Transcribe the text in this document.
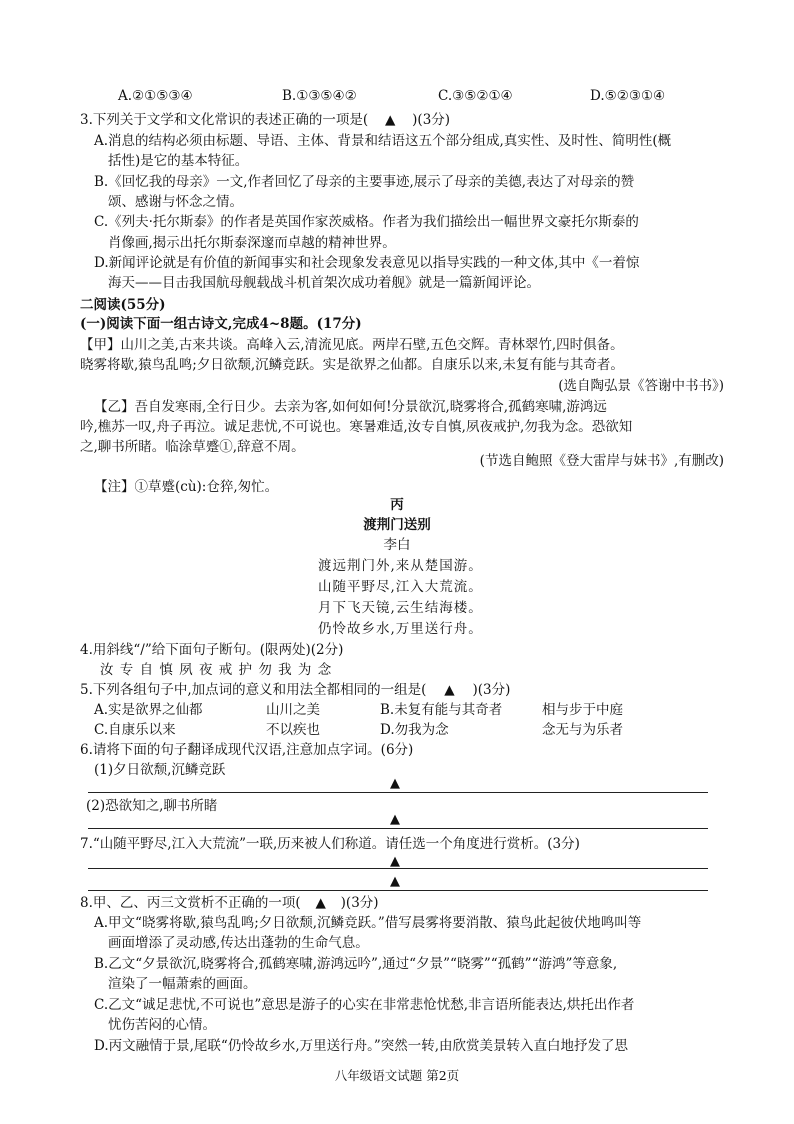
A.②①⑤③④	B.①③⑤④②	C.③⑤②①④	D.⑤②③①④
3.下列关于文学和文化常识的表述正确的一项是( ▲ )(3分)
A.消息的结构必须由标题、导语、主体、背景和结语这五个部分组成,真实性、及时性、简明性(概
括性)是它的基本特征。
B.《回忆我的母亲》一文,作者回忆了母亲的主要事迹,展示了母亲的美德,表达了对母亲的赞
颂、感谢与怀念之情。
C.《列夫·托尔斯泰》的作者是英国作家茨威格。作者为我们描绘出一幅世界文豪托尔斯泰的
肖像画,揭示出托尔斯泰深邃而卓越的精神世界。
D.新闻评论就是有价值的新闻事实和社会现象发表意见以指导实践的一种文体,其中《一着惊
海天——目击我国航母舰载战斗机首架次成功着舰》就是一篇新闻评论。
二阅读(55分)
(一)阅读下面一组古诗文,完成4~8题。(17分)
【甲】山川之美,古来共谈。高峰入云,清流见底。两岸石壁,五色交辉。青林翠竹,四时俱备。
晓雾将歇,猿鸟乱鸣;夕日欲颓,沉鳞竞跃。实是欲界之仙都。自康乐以来,未复有能与其奇者。
(选自陶弘景《答谢中书书》)
【乙】吾自发寒雨,全行日少。去亲为客,如何如何!分景欲沉,晓雾将合,孤鹤寒啸,游鸿远
吟,樵苏一叹,舟子再泣。诚足悲忧,不可说也。寒暑难适,汝专自慎,夙夜戒护,勿我为念。恐欲知
之,聊书所睹。临涂草蹙①,辞意不周。
(节选自鲍照《登大雷岸与妹书》,有删改)
【注】①草蹙(cù):仓猝,匆忙。
丙
渡荆门送别
李白
渡远荆门外,来从楚国游。
山随平野尽,江入大荒流。
月下飞天镜,云生结海楼。
仍怜故乡水,万里送行舟。
4.用斜线“/”给下面句子断句。(限两处)(2分)
汝 专 自 慎 夙 夜 戒 护 勿 我 为 念
5.下列各组句子中,加点词的意义和用法全都相同的一组是( ▲ )(3分)
A.实是欲界之仙都	山川之美	B.未复有能与其奇者	相与步于中庭
C.自康乐以来	不以疾也	D.勿我为念	念无与为乐者
6.请将下面的句子翻译成现代汉语,注意加点字词。(6分)
(1)夕日欲颓,沉鳞竞跃
▲
(2)恐欲知之,聊书所睹
▲
7.“山随平野尽,江入大荒流”一联,历来被人们称道。请任选一个角度进行赏析。(3分)
▲
▲
8.甲、乙、丙三文赏析不正确的一项( ▲ )(3分)
A.甲文“晓雾将歇,猿鸟乱鸣;夕日欲颓,沉鳞竞跃。”借写晨雾将要消散、猿鸟此起彼伏地鸣叫等
画面增添了灵动感,传达出蓬勃的生命气息。
B.乙文“夕景欲沉,晓雾将合,孤鹤寒啸,游鸿远吟”,通过“夕景”“晓雾”“孤鹤”“游鸿”等意象,
渲染了一幅萧索的画面。
C.乙文“诚足悲忧,不可说也”意思是游子的心实在非常悲怆忧愁,非言语所能表达,烘托出作者
忧伤苦闷的心情。
D.丙文融情于景,尾联“仍怜故乡水,万里送行舟。”突然一转,由欣赏美景转入直白地抒发了思
八年级语文试题 第2页
